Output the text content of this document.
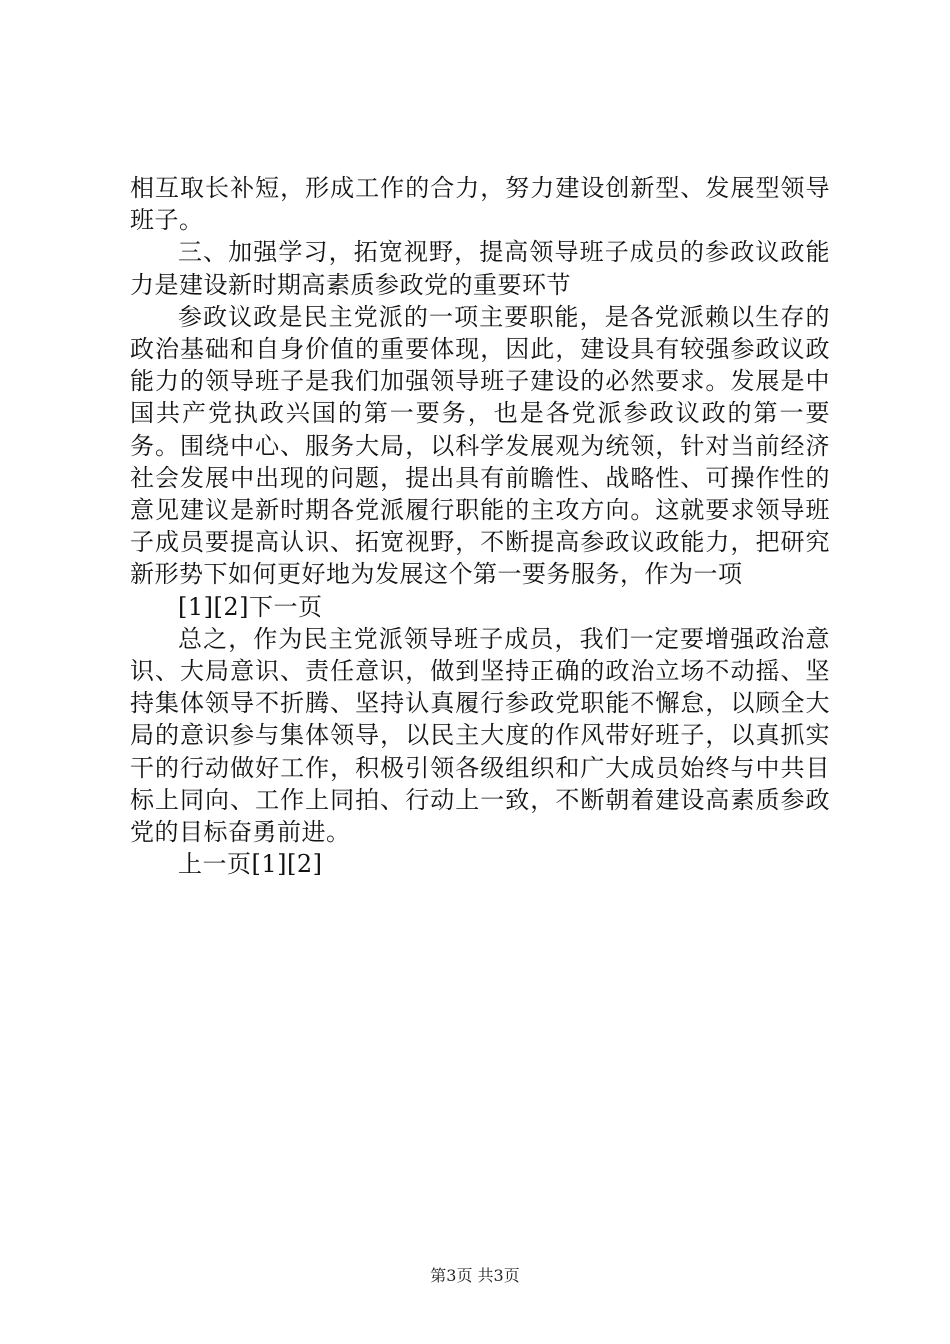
相互取长补短，形成工作的合力，努力建设创新型、发展型领导班子。

三、加强学习，拓宽视野，提高领导班子成员的参政议政能力是建设新时期高素质参政党的重要环节

参政议政是民主党派的一项主要职能，是各党派赖以生存的政治基础和自身价值的重要体现，因此，建设具有较强参政议政能力的领导班子是我们加强领导班子建设的必然要求。发展是中国共产党执政兴国的第一要务，也是各党派参政议政的第一要务。围绕中心、服务大局，以科学发展观为统领，针对当前经济社会发展中出现的问题，提出具有前瞻性、战略性、可操作性的意见建议是新时期各党派履行职能的主攻方向。这就要求领导班子成员要提高认识、拓宽视野，不断提高参政议政能力，把研究新形势下如何更好地为发展这个第一要务服务，作为一项

[1][2]下一页

总之，作为民主党派领导班子成员，我们一定要增强政治意识、大局意识、责任意识，做到坚持正确的政治立场不动摇、坚持集体领导不折腾、坚持认真履行参政党职能不懈怠，以顾全大局的意识参与集体领导，以民主大度的作风带好班子，以真抓实干的行动做好工作，积极引领各级组织和广大成员始终与中共目标上同向、工作上同拍、行动上一致，不断朝着建设高素质参政党的目标奋勇前进。

上一页[1][2]

第3页 共3页
